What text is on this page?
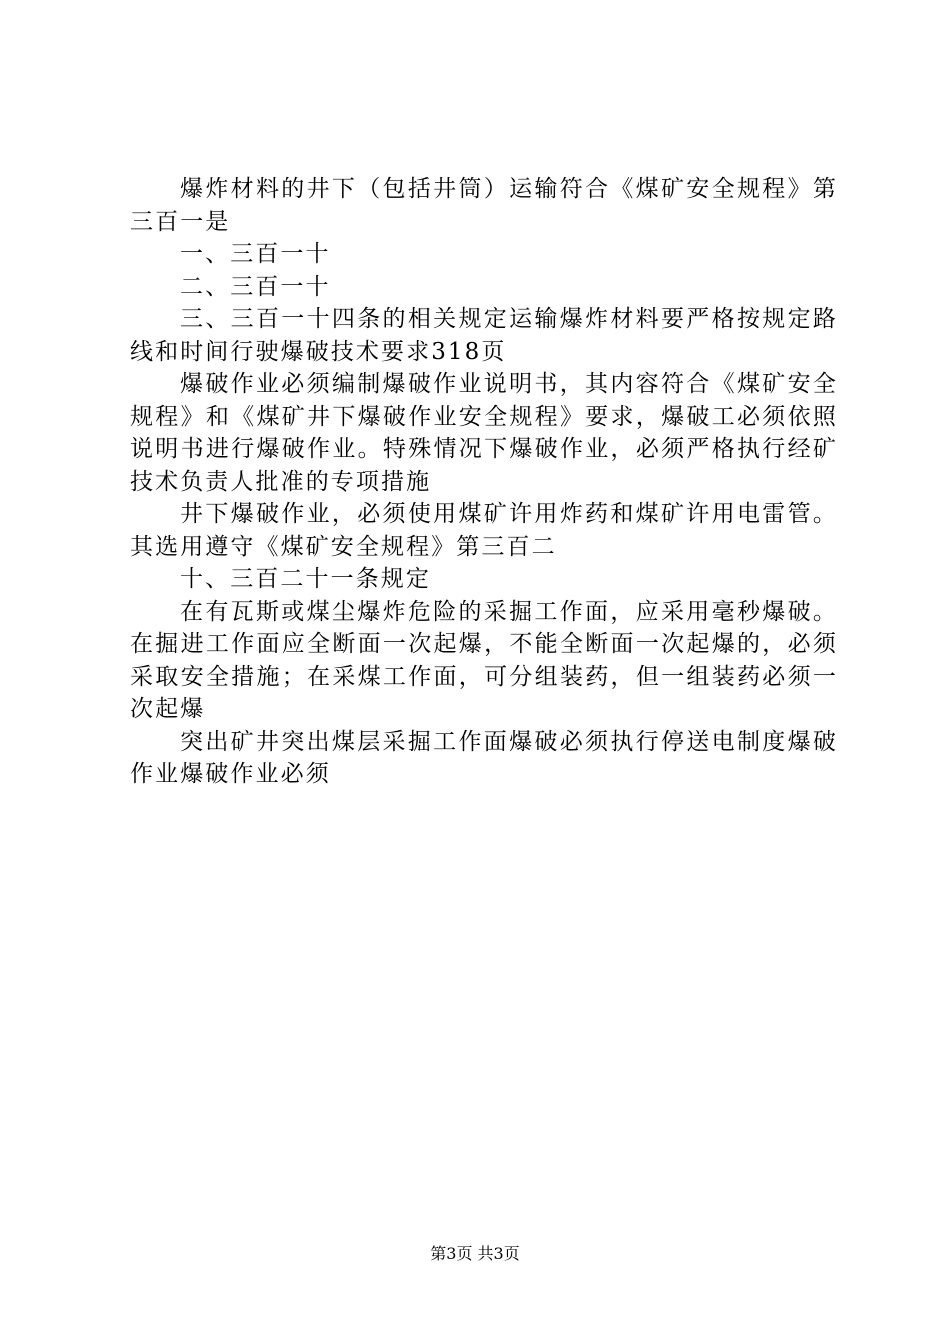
爆炸材料的井下（包括井筒）运输符合《煤矿安全规程》第三百一是

一、三百一十

二、三百一十

三、三百一十四条的相关规定运输爆炸材料要严格按规定路线和时间行驶爆破技术要求318页

爆破作业必须编制爆破作业说明书，其内容符合《煤矿安全规程》和《煤矿井下爆破作业安全规程》要求，爆破工必须依照说明书进行爆破作业。特殊情况下爆破作业，必须严格执行经矿技术负责人批准的专项措施

井下爆破作业，必须使用煤矿许用炸药和煤矿许用电雷管。其选用遵守《煤矿安全规程》第三百二

十、三百二十一条规定

在有瓦斯或煤尘爆炸危险的采掘工作面，应采用毫秒爆破。在掘进工作面应全断面一次起爆，不能全断面一次起爆的，必须采取安全措施；在采煤工作面，可分组装药，但一组装药必须一次起爆

突出矿井突出煤层采掘工作面爆破必须执行停送电制度爆破作业爆破作业必须

第3页 共3页
